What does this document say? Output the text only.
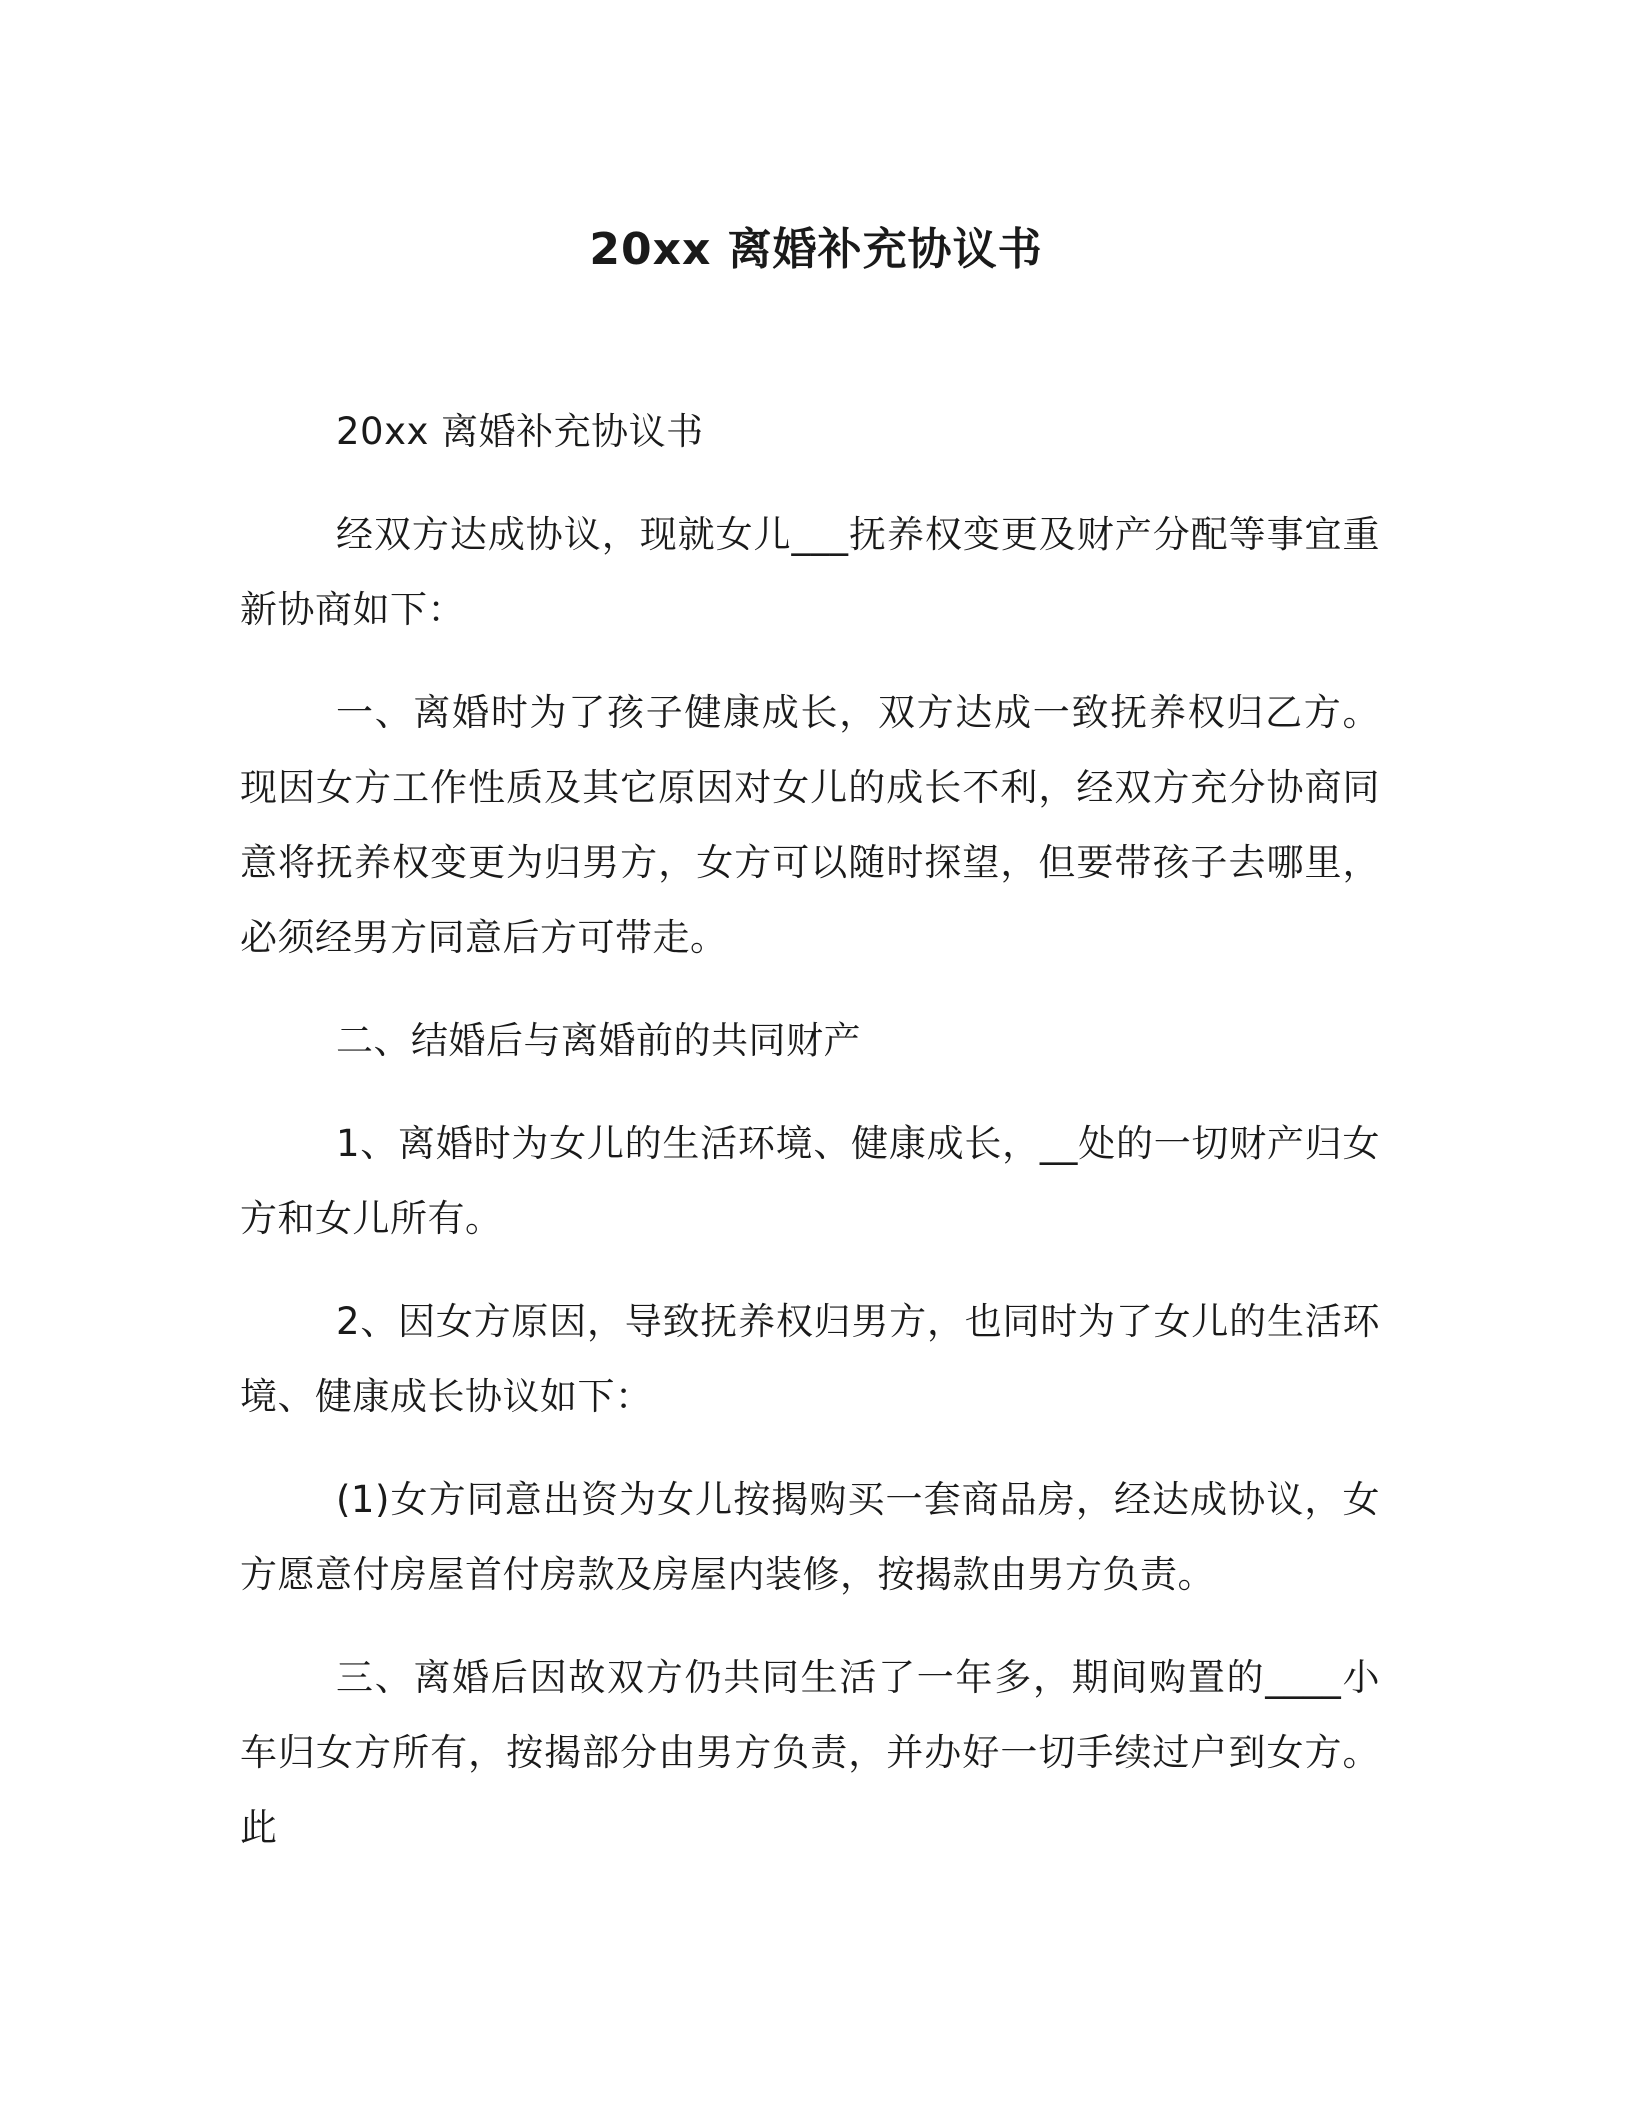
20xx 离婚补充协议书

20xx 离婚补充协议书

经双方达成协议，现就女儿___抚养权变更及财产分配等事宜重新协商如下：

一、离婚时为了孩子健康成长，双方达成一致抚养权归乙方。现因女方工作性质及其它原因对女儿的成长不利，经双方充分协商同意将抚养权变更为归男方，女方可以随时探望，但要带孩子去哪里，必须经男方同意后方可带走。

二、结婚后与离婚前的共同财产

1、离婚时为女儿的生活环境、健康成长，__处的一切财产归女方和女儿所有。

2、因女方原因，导致抚养权归男方，也同时为了女儿的生活环境、健康成长协议如下：

(1)女方同意出资为女儿按揭购买一套商品房，经达成协议，女方愿意付房屋首付房款及房屋内装修，按揭款由男方负责。

三、离婚后因故双方仍共同生活了一年多，期间购置的____小车归女方所有，按揭部分由男方负责，并办好一切手续过户到女方。此
